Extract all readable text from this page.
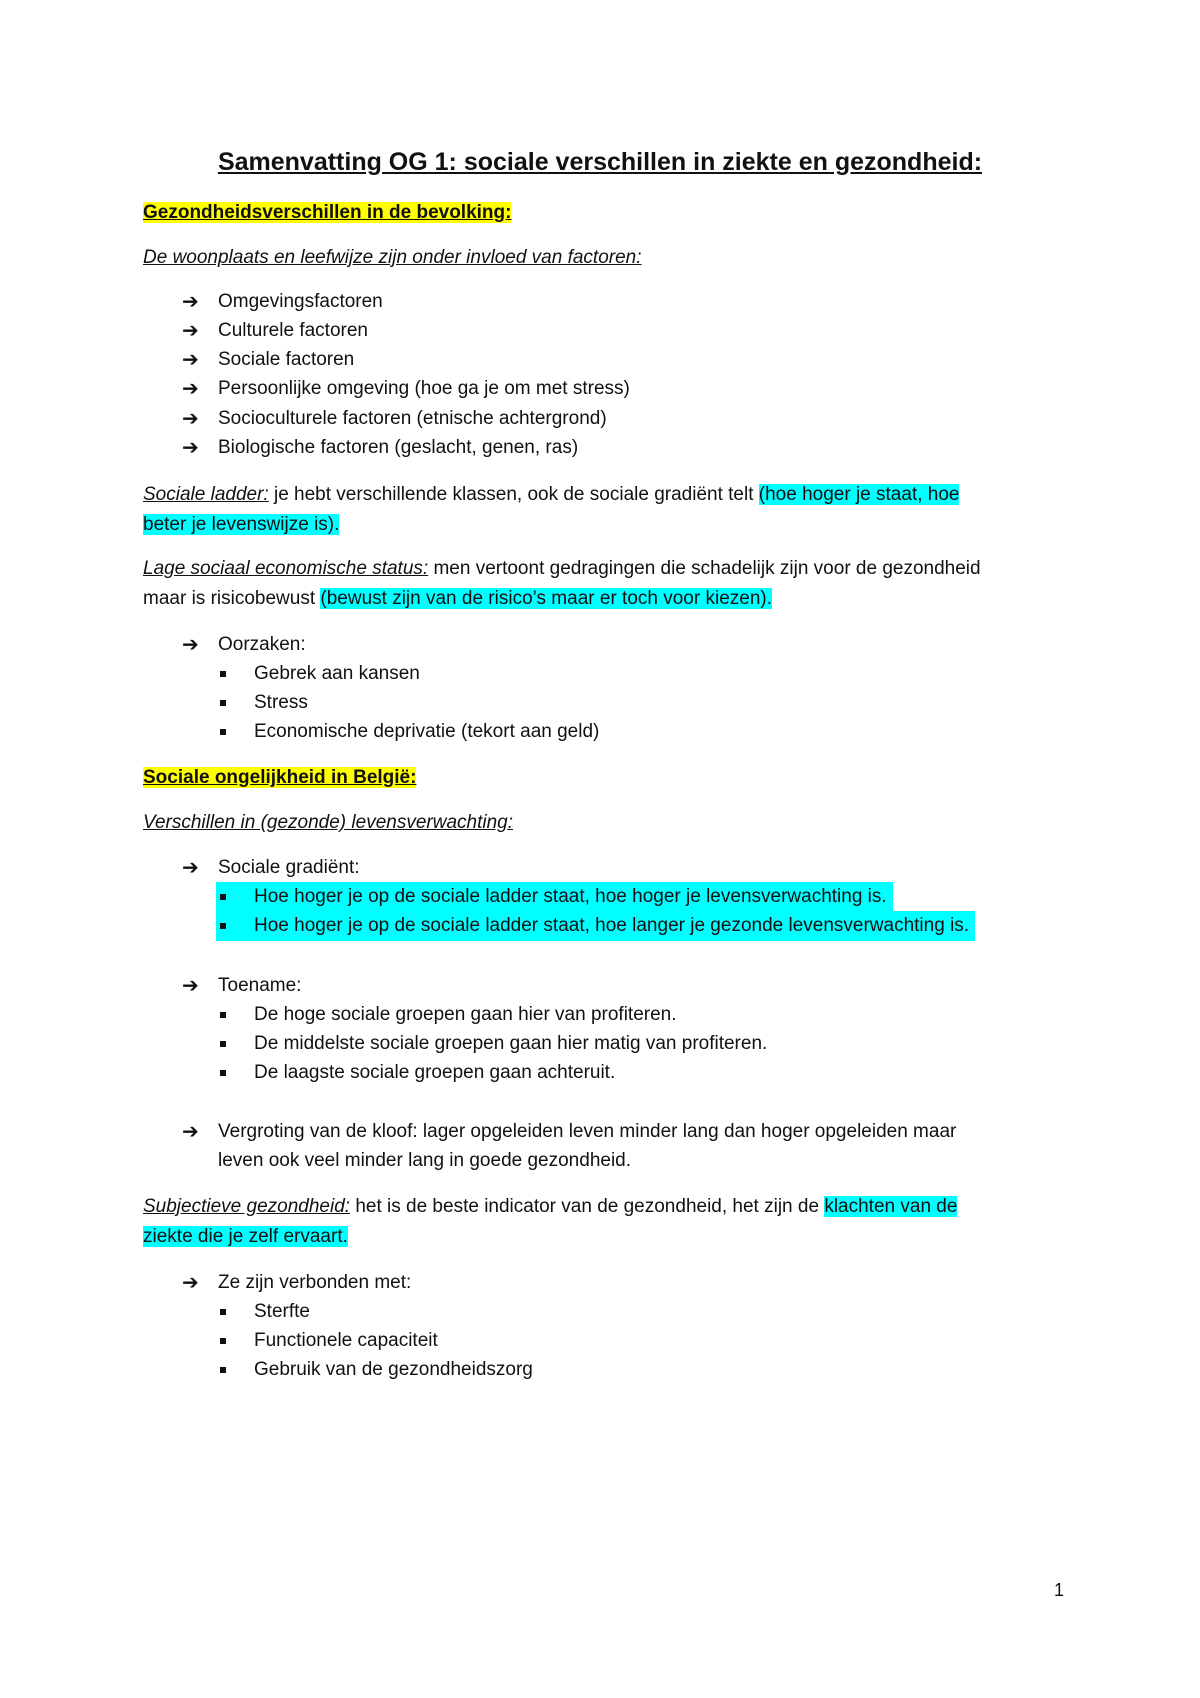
Samenvatting OG 1: sociale verschillen in ziekte en gezondheid:
Gezondheidsverschillen in de bevolking:
De woonplaats en leefwijze zijn onder invloed van factoren:
➔	Omgevingsfactoren
➔	Culturele factoren
➔	Sociale factoren
➔	Persoonlijke omgeving (hoe ga je om met stress)
➔	Socioculturele factoren (etnische achtergrond)
➔	Biologische factoren (geslacht, genen, ras)
Sociale ladder: je hebt verschillende klassen, ook de sociale gradiënt telt (hoe hoger je staat, hoe
beter je levenswijze is).
Lage sociaal economische status: men vertoont gedragingen die schadelijk zijn voor de gezondheid
maar is risicobewust (bewust zijn van de risico’s maar er toch voor kiezen).
➔	Oorzaken:
Gebrek aan kansen
Stress
Economische deprivatie (tekort aan geld)
Sociale ongelijkheid in België:
Verschillen in (gezonde) levensverwachting:
➔	Sociale gradiënt:
Hoe hoger je op de sociale ladder staat, hoe hoger je levensverwachting is.
Hoe hoger je op de sociale ladder staat, hoe langer je gezonde levensverwachting is.
➔	Toename:
De hoge sociale groepen gaan hier van profiteren.
De middelste sociale groepen gaan hier matig van profiteren.
De laagste sociale groepen gaan achteruit.
➔	Vergroting van de kloof: lager opgeleiden leven minder lang dan hoger opgeleiden maar
leven ook veel minder lang in goede gezondheid.
Subjectieve gezondheid: het is de beste indicator van de gezondheid, het zijn de klachten van de
ziekte die je zelf ervaart.
➔	Ze zijn verbonden met:
Sterfte
Functionele capaciteit
Gebruik van de gezondheidszorg
1
